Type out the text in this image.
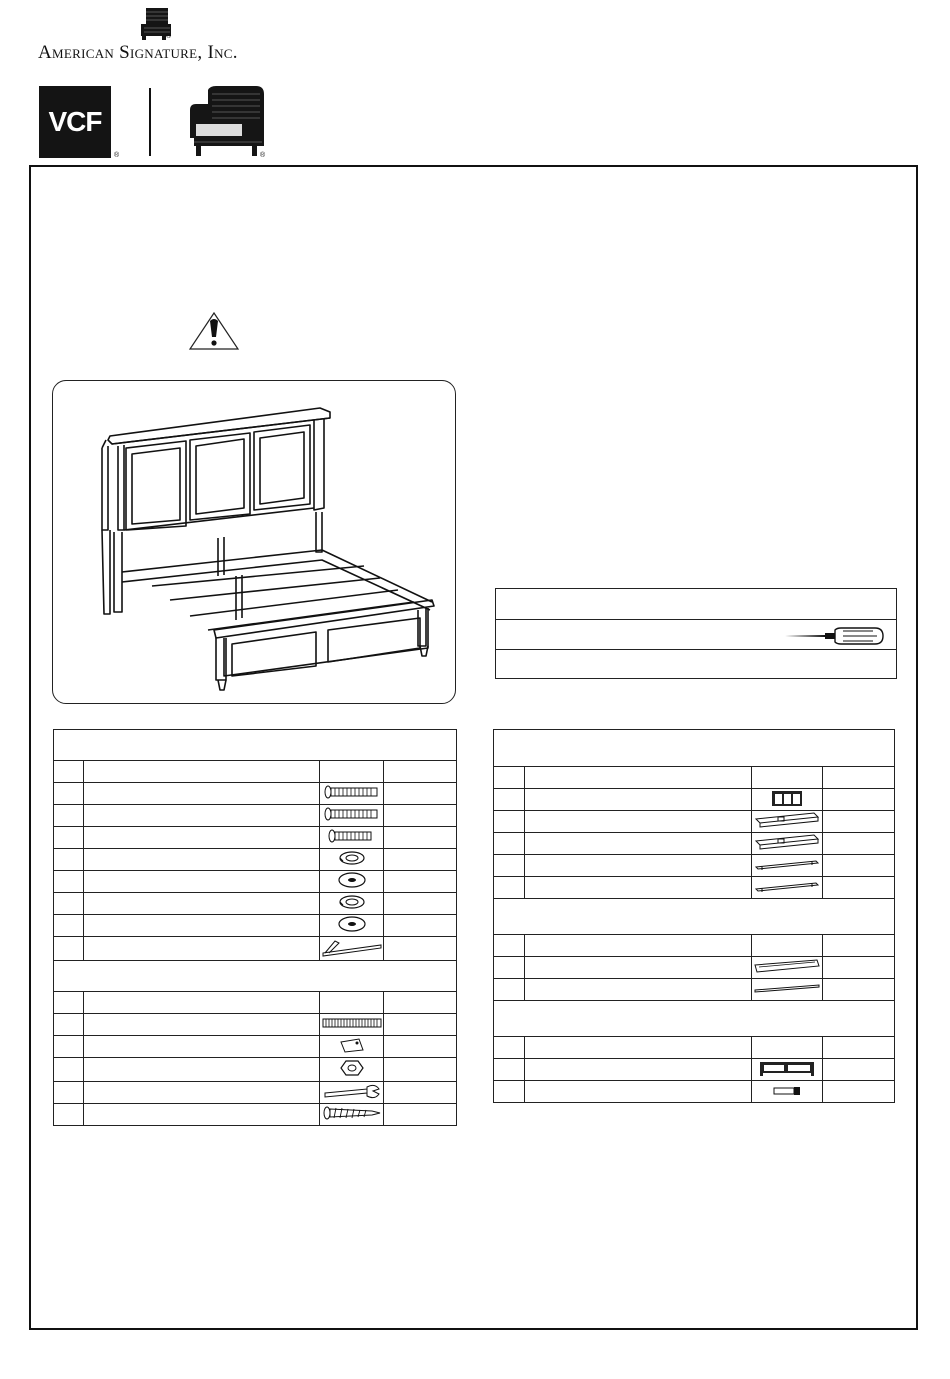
®
American Signature, Inc.
VCF
®	®
